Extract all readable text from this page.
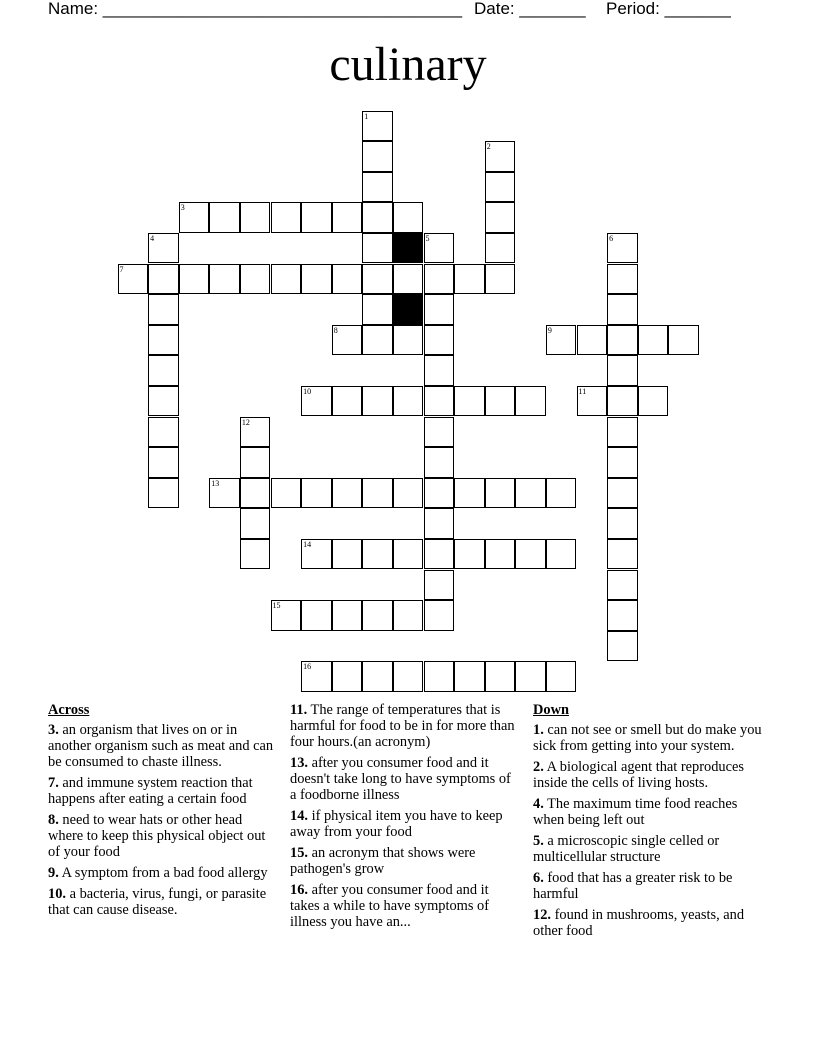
Name: ______________________________________ Date: _______ Period: _______
culinary
1
2
3
4	5	6
7
8	9
10	11
12
13
14
15
16
Across
3. an organism that lives on or in another organism such as meat and can be consumed to chaste illness.
7. and immune system reaction that happens after eating a certain food
8. need to wear hats or other head where to keep this physical object out of your food
9. A symptom from a bad food allergy
10. a bacteria, virus, fungi, or parasite that can cause disease.
11. The range of temperatures that is harmful for food to be in for more than four hours.(an acronym)
13. after you consumer food and it doesn't take long to have symptoms of a foodborne illness
14. if physical item you have to keep away from your food
15. an acronym that shows were pathogen's grow
16. after you consumer food and it takes a while to have symptoms of illness you have an...
Down
1. can not see or smell but do make you sick from getting into your system.
2. A biological agent that reproduces inside the cells of living hosts.
4. The maximum time food reaches when being left out
5. a microscopic single celled or multicellular structure
6. food that has a greater risk to be harmful
12. found in mushrooms, yeasts, and other food
